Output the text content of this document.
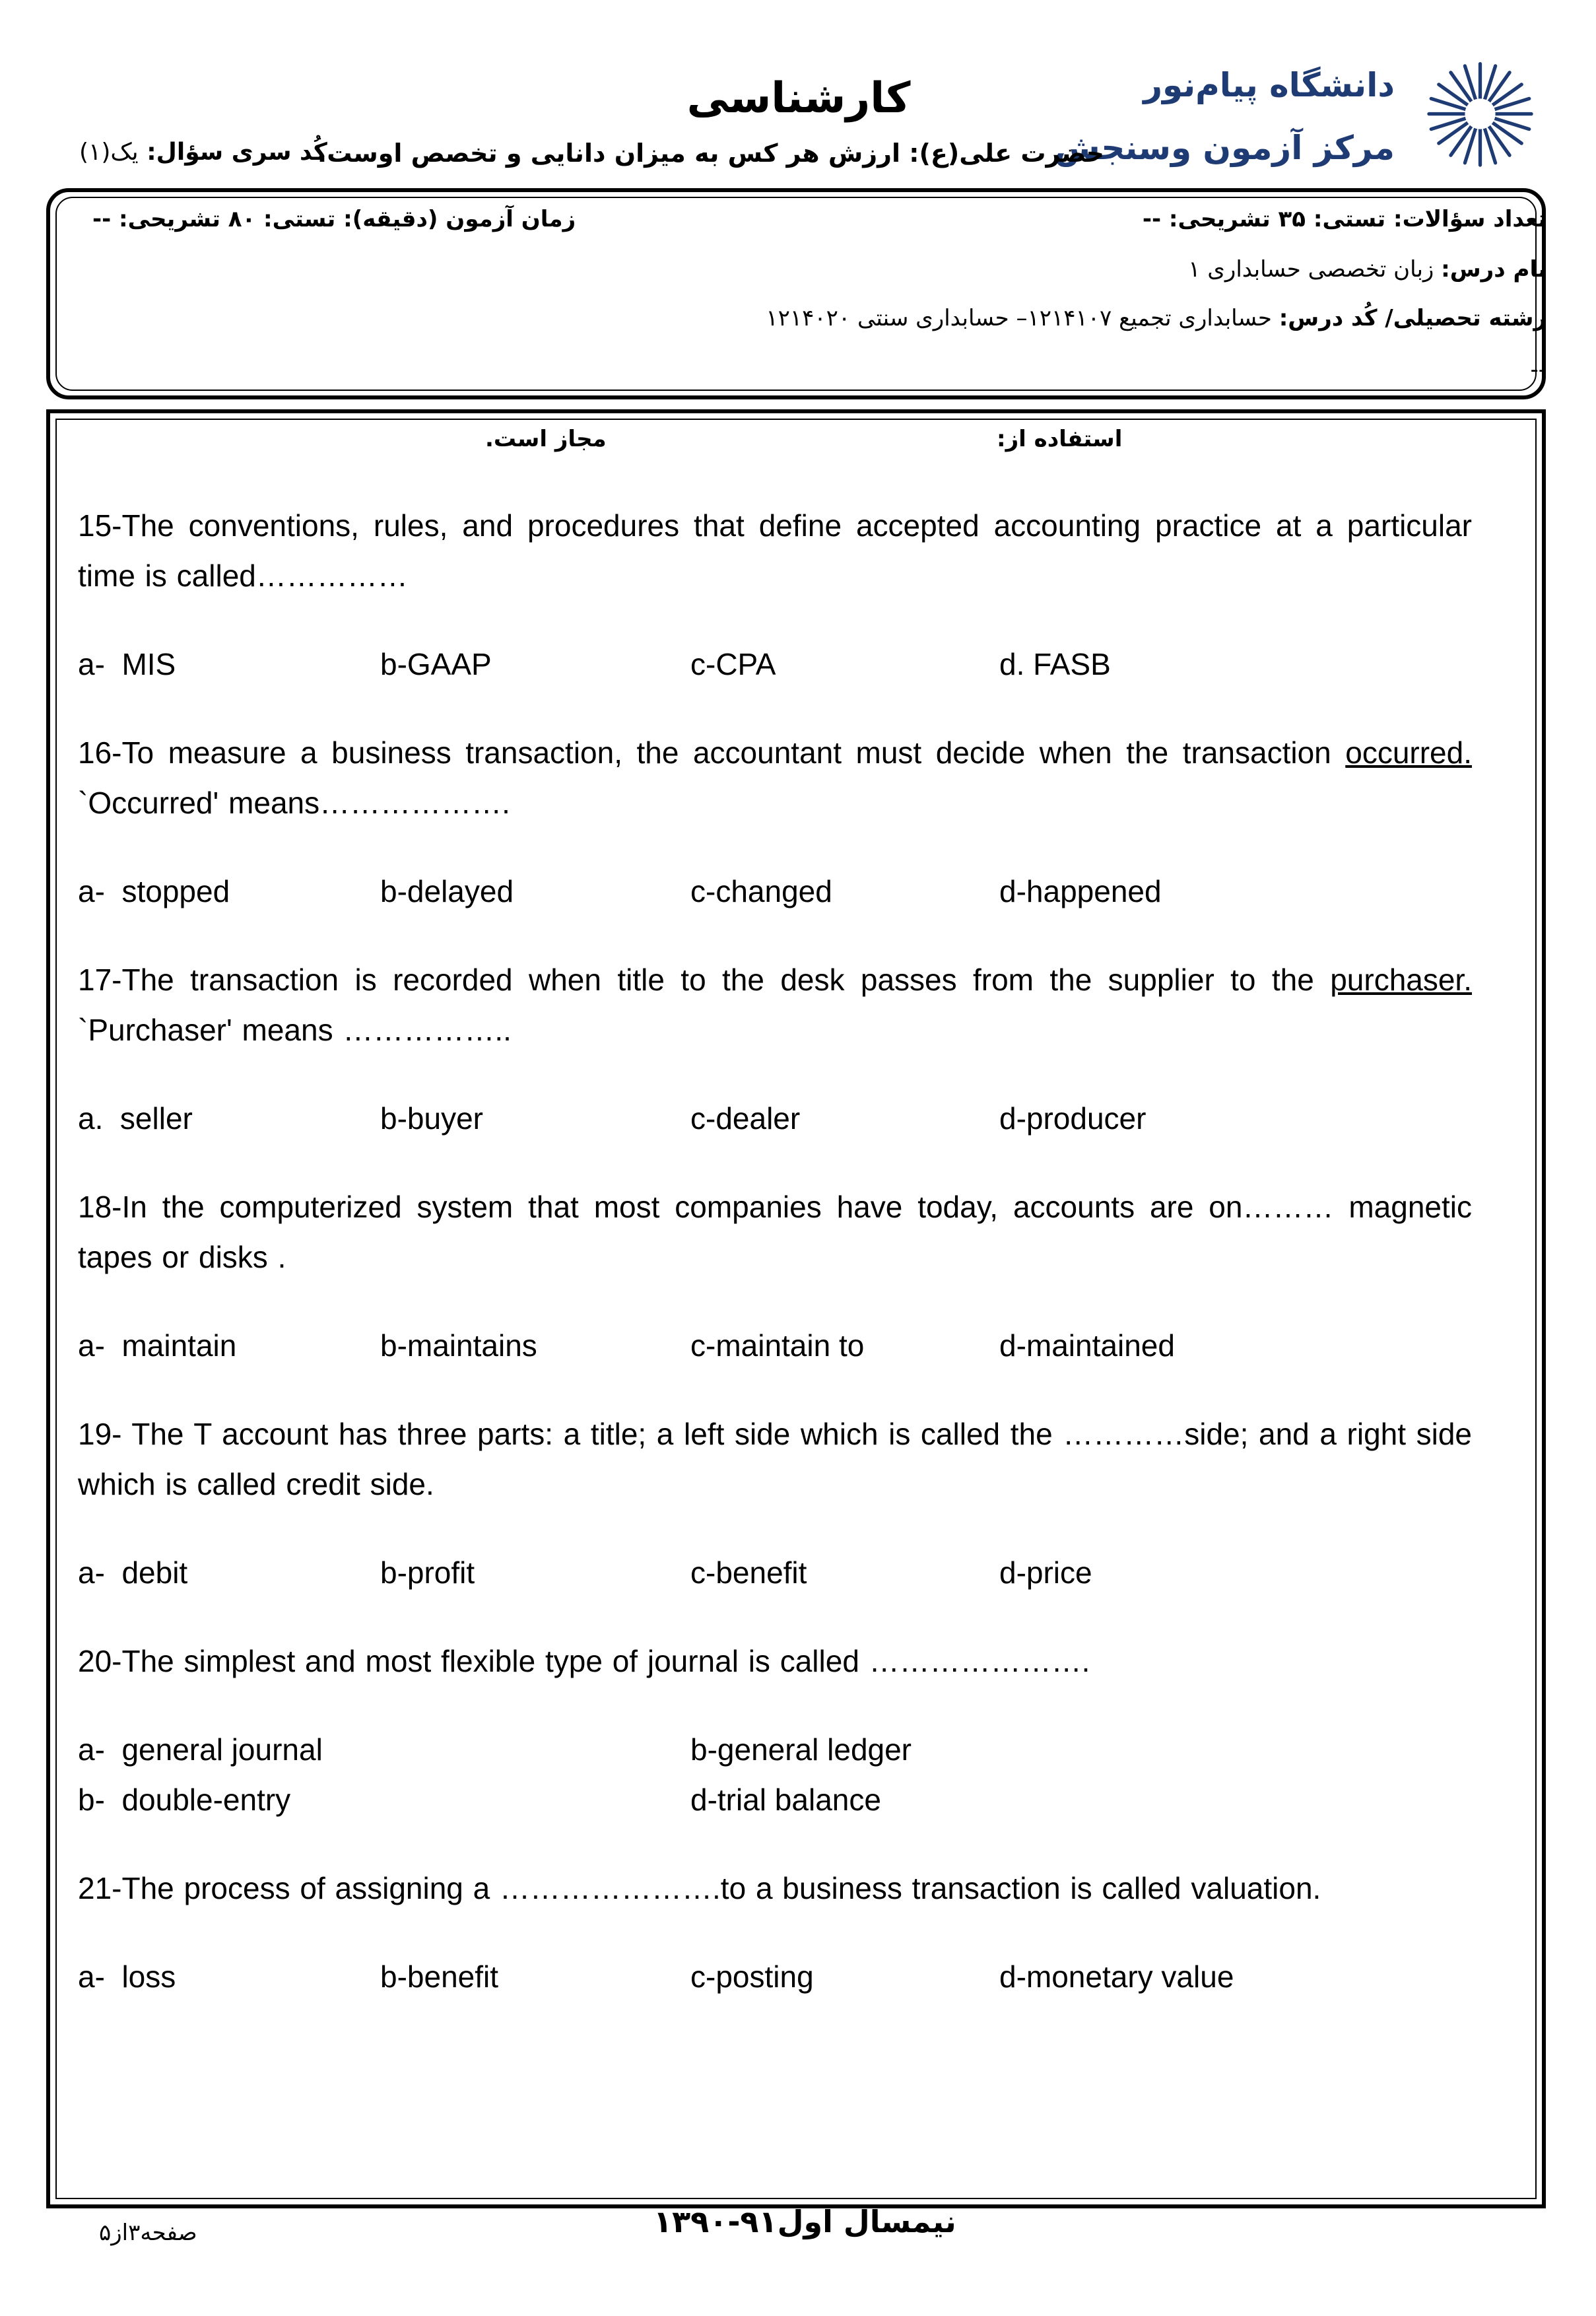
دانشگاه پیام‌نور
مرکز آزمون وسنجش
کارشناسی
حضرت علی(ع): ارزش هر کس به میزان دانایی و تخصص اوست.
کُد سری سؤال: یک(۱)
تعداد سؤالات: تستی: ۳۵ تشریحی: --
زمان آزمون (دقیقه): تستی: ۸۰ تشریحی: --
نام درس: زبان تخصصی حسابداری ۱
رشته تحصیلی/ کُد درس: حسابداری تجمیع ۱۲۱۴۱۰۷– حسابداری سنتی ۱۲۱۴۰۲۰
--
استفاده از:
مجاز است.

15-The conventions, rules, and procedures that define accepted accounting practice at a particular time is called……………

a-  MIS	b-GAAP	c-CPA	d. FASB

16-To measure a business transaction, the accountant must decide when the transaction occurred. `Occurred' means……………….

a-  stopped	b-delayed	c-changed	d-happened

17-The transaction is recorded when title to the desk passes from the supplier to the purchaser. `Purchaser' means ……………..

a.  seller	b-buyer	c-dealer	d-producer

18-In the computerized system that most companies have today, accounts are on……… magnetic tapes or disks .

a-  maintain	b-maintains	c-maintain to	d-maintained

19- The T account has three parts: a title; a left side which is called the …………side; and a right side which is called credit side.

a-  debit	b-profit	c-benefit	d-price

20-The simplest and most flexible type of journal is called ………………….

a-  general journal	b-general ledger
b-  double-entry	d-trial balance

21-The process of assigning a ………………….to a business transaction is called valuation.

a-  loss	b-benefit	c-posting	d-monetary value
نیمسال اول۹۱-۱۳۹۰
صفحه۳از۵
